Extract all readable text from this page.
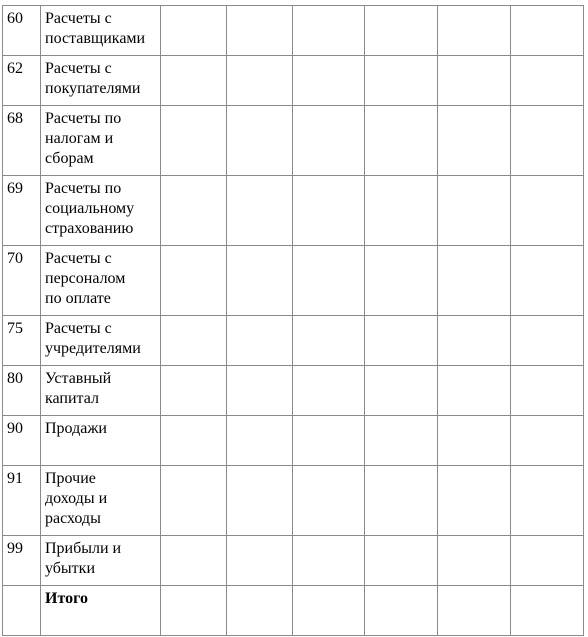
60	Расчеты с
поставщиками						

62	Расчеты с
покупателями						

68	Расчеты по
налогам и
сборам						

69	Расчеты по
социальному
страхованию						

70	Расчеты с
персоналом
по оплате						

75	Расчеты с
учредителями						

80	Уставный
капитал						

90	Продажи						

91	Прочие
доходы и
расходы						

99	Прибыли и
убытки						

	Итого						
